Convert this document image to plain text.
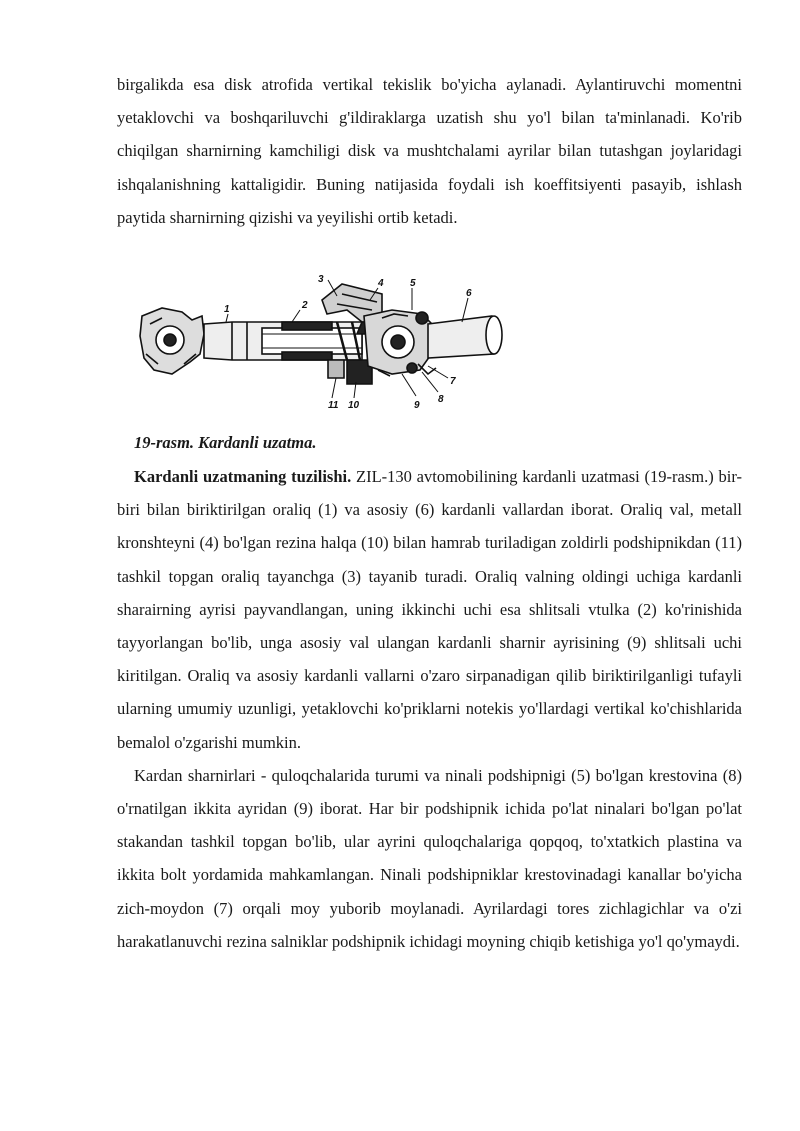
birgalikda esa disk atrofida vertikal tekislik bo'yicha aylanadi. Aylantiruvchi momentni yetaklovchi va boshqariluvchi g'ildiraklarga uzatish shu yo'l bilan ta'minlanadi. Ko'rib chiqilgan sharnirning kamchiligi disk va mushtchalami ayrilar bilan tutashgan joylaridagi ishqalanishning kattaligidir. Buning natijasida foydali ish koeffitsiyenti pasayib, ishlash paytida sharnirning qizishi va yeyilishi ortib ketadi.

1	2
3	4	5
6
7
8
9
10
11
19-rasm. Kardanli uzatma.

Kardanli uzatmaning tuzilishi. ZIL-130 avtomobilining kardanli uzatmasi (19-rasm.) bir-biri bilan biriktirilgan oraliq (1) va asosiy (6) kardanli vallardan iborat. Oraliq val, metall kronshteyni (4) bo'lgan rezina halqa (10) bilan hamrab turiladigan zoldirli podshipnikdan (11) tashkil topgan oraliq tayanchga (3) tayanib turadi. Oraliq valning oldingi uchiga kardanli sharairning ayrisi payvandlangan, uning ikkinchi uchi esa shlitsali vtulka (2) ko'rinishida tayyorlangan bo'lib, unga asosiy val ulangan kardanli sharnir ayrisining (9) shlitsali uchi kiritilgan. Oraliq va asosiy kardanli vallarni o'zaro sirpanadigan qilib biriktirilganligi tufayli ularning umumiy uzunligi, yetaklovchi ko'priklarni notekis yo'llardagi vertikal ko'chishlarida bemalol o'zgarishi mumkin.

Kardan sharnirlari - quloqchalarida turumi va ninali podshipnigi (5) bo'lgan krestovina (8) o'rnatilgan ikkita ayridan (9) iborat. Har bir podshipnik ichida po'lat ninalari bo'lgan po'lat stakandan tashkil topgan bo'lib, ular ayrini quloqchalariga qopqoq, to'xtatkich plastina va ikkita bolt yordamida mahkamlangan. Ninali podshipniklar krestovinadagi kanallar bo'yicha zich-moydon (7) orqali moy yuborib moylanadi. Ayrilardagi tores zichlagichlar va o'zi harakatlanuvchi rezina salniklar podshipnik ichidagi moyning chiqib ketishiga yo'l qo'ymaydi.
